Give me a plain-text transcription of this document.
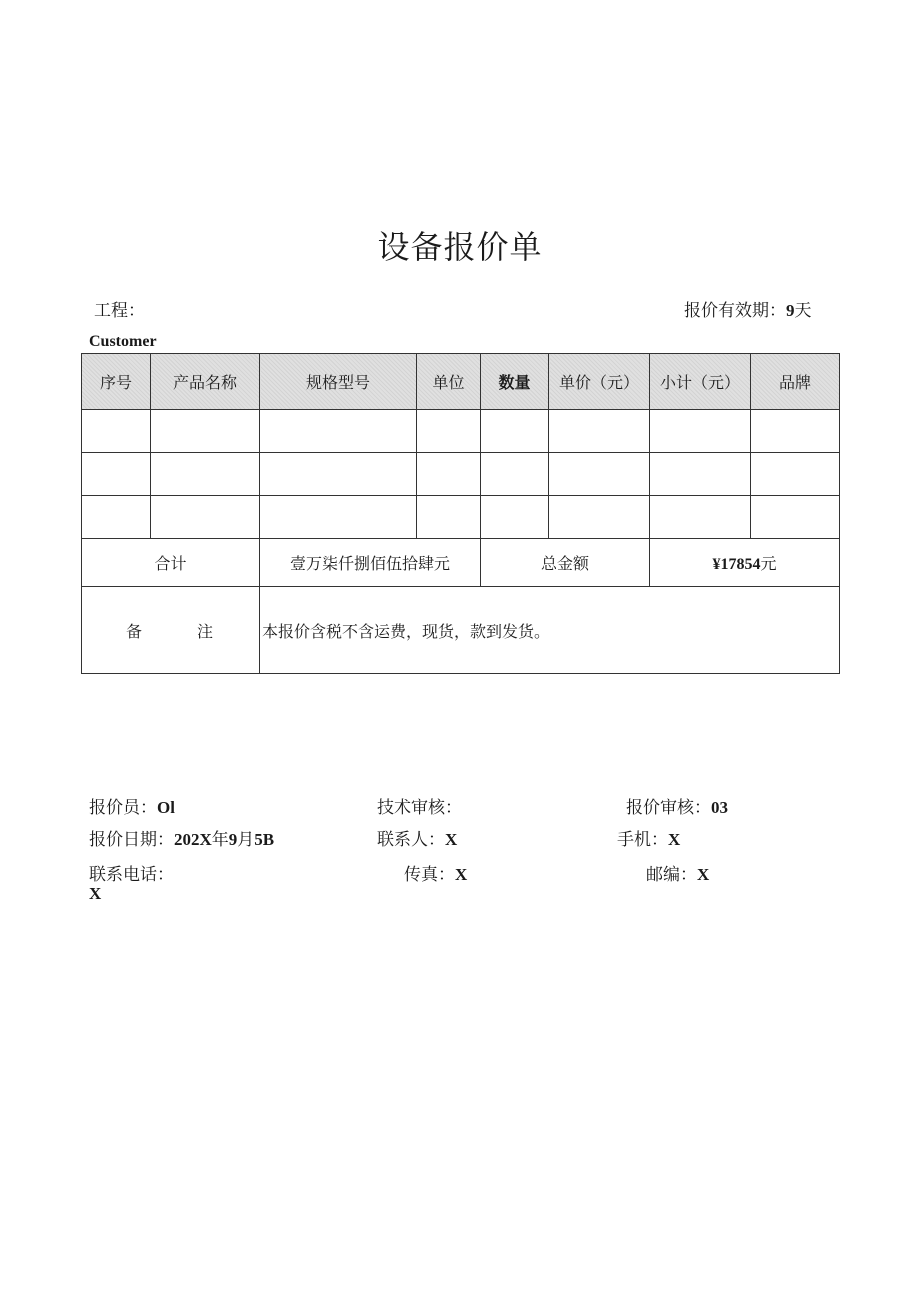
设备报价单
工程：	报价有效期：9天
Customer
序号	产品名称	规格型号	单位	数量	单价（元）	小计（元）	品牌

合计		壹万柒仟捌佰伍拾肆元		总金额		¥17854元	

备 注		本报价含税不含运费，现货，款到发货。					
报价员：Ol	技术审核：	报价审核：03
报价日期：202X年9月5B	联系人：X	手机：X
联系电话：
X
传真：X	邮编：X
